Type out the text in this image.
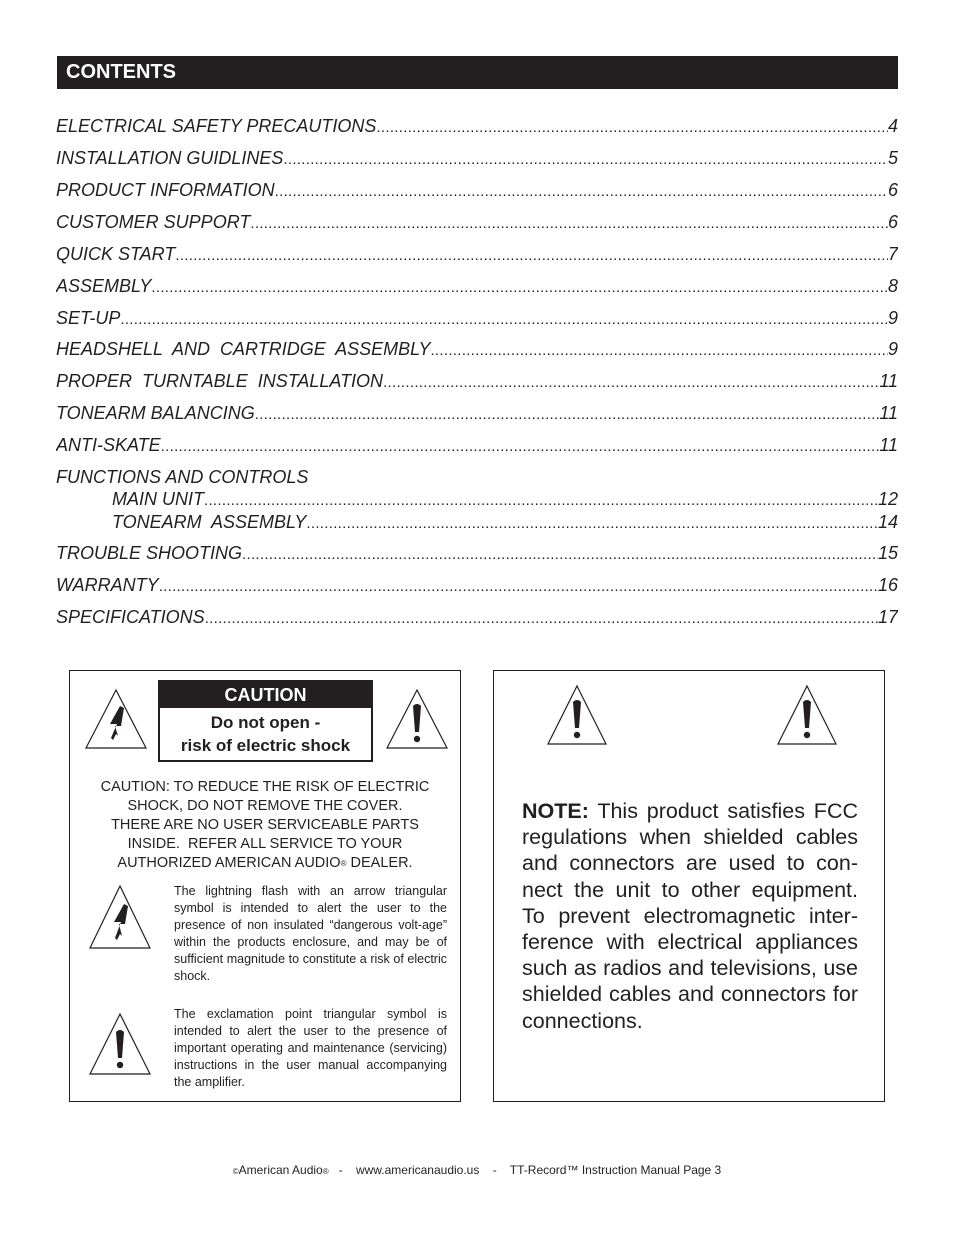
CONTENTS
ELECTRICAL SAFETY PRECAUTIONS .....	4
INSTALLATION GUIDLINES .....	5
PRODUCT INFORMATION .....	6
CUSTOMER SUPPORT .....	6
QUICK START .....	7
ASSEMBLY .....	8
SET-UP .....	9
HEADSHELL  AND  CARTRIDGE  ASSEMBLY .....	9
PROPER  TURNTABLE  INSTALLATION .....	11
TONEARM BALANCING .....	11
ANTI-SKATE .....	11
FUNCTIONS AND CONTROLS
MAIN UNIT .....	12
TONEARM  ASSEMBLY .....	14
TROUBLE SHOOTING .....	15
WARRANTY .....	16
SPECIFICATIONS .....	17
CAUTION
Do not open -
risk of electric shock
CAUTION: TO REDUCE THE RISK OF ELECTRIC
SHOCK, DO NOT REMOVE THE COVER.
THERE ARE NO USER SERVICEABLE PARTS
INSIDE.  REFER ALL SERVICE TO YOUR
AUTHORIZED AMERICAN AUDIO® DEALER.
The lightning flash with an arrow triangular symbol is intended to alert the user to the presence of non insulated “dangerous volt-age” within the products enclosure, and may be of sufficient magnitude to constitute a risk of electric shock.
The exclamation point triangular symbol is intended to alert the user to the presence of important operating and maintenance (servicing) instructions in the user manual accompanying the amplifier.
NOTE: This product satisfies FCC regulations when shielded cables and connectors are used to con-nect the unit to other equipment. To prevent electromagnetic inter-ference with electrical appliances such as radios and televisions, use shielded cables and connectors for connections.
©American Audio®   -    www.americanaudio.us    -    TT-Record™ Instruction Manual Page 3
